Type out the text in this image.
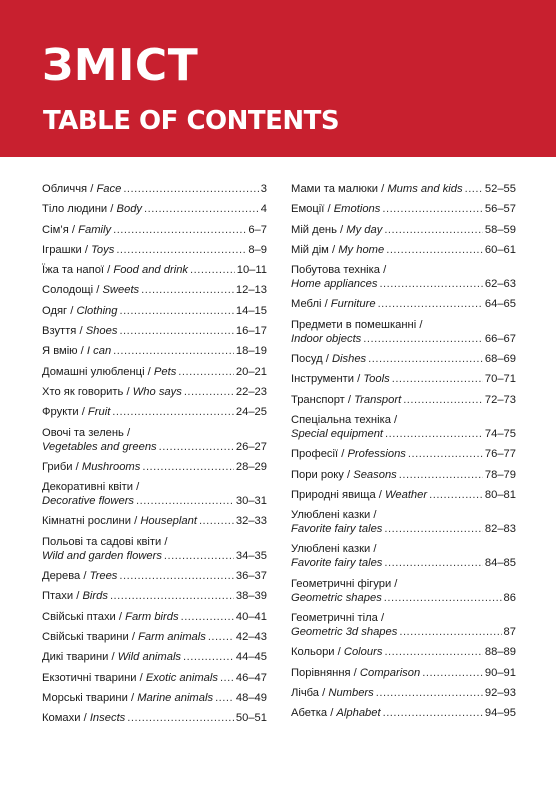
ЗМІСТ
TABLE OF CONTENTS
Обличчя / Face .....	3
Тіло людини / Body .....	4
Сім’я / Family .....	6–7
Іграшки / Toys .....	8–9
Їжа та напої / Food and drink .....	10–11
Солодощі / Sweets .....	12–13
Одяг / Clothing .....	14–15
Взуття / Shoes .....	16–17
Я вмію / I can .....	18–19
Домашні улюбленці / Pets .....	20–21
Хто як говорить / Who says .....	22–23
Фрукти / Fruit .....	24–25
Овочі та зелень /
Vegetables and greens .....	26–27
Гриби / Mushrooms .....	28–29
Декоративні квіти /
Decorative flowers .....	30–31
Кімнатні рослини / Houseplant .....	32–33
Польові та садові квіти /
Wild and garden flowers .....	34–35
Дерева / Trees .....	36–37
Птахи / Birds .....	38–39
Свійські птахи / Farm birds .....	40–41
Свійські тварини / Farm animals .....	42–43
Дикі тварини / Wild animals .....	44–45
Екзотичні тварини / Exotic animals ..... 46–47
Морські тварини / Marine animals ..... 48–49
Комахи / Insects .....	50–51
Мами та малюки / Mums and kids ..... 52–55
Емоції / Emotions .....	56–57
Мій день / My day .....	58–59
Мій дім / My home .....	60–61
Побутова техніка /
Home appliances .....	62–63
Меблі / Furniture .....	64–65
Предмети в помешканні /
Indoor objects .....	66–67
Посуд / Dishes .....	68–69
Інструменти / Tools .....	70–71
Транспорт / Transport .....	72–73
Спеціальна техніка /
Special equipment .....	74–75
Професії / Professions .....	76–77
Пори року / Seasons .....	78–79
Природні явища / Weather .....	80–81
Улюблені казки /
Favorite fairy tales .....	82–83
Улюблені казки /
Favorite fairy tales .....	84–85
Геометричні фігури /
Geometric shapes .....	86
Геометричні тіла /
Geometric 3d shapes .....	87
Кольори / Colours .....	88–89
Порівняння / Comparison .....	90–91
Лічба / Numbers .....	92–93
Абетка / Alphabet .....	94–95
